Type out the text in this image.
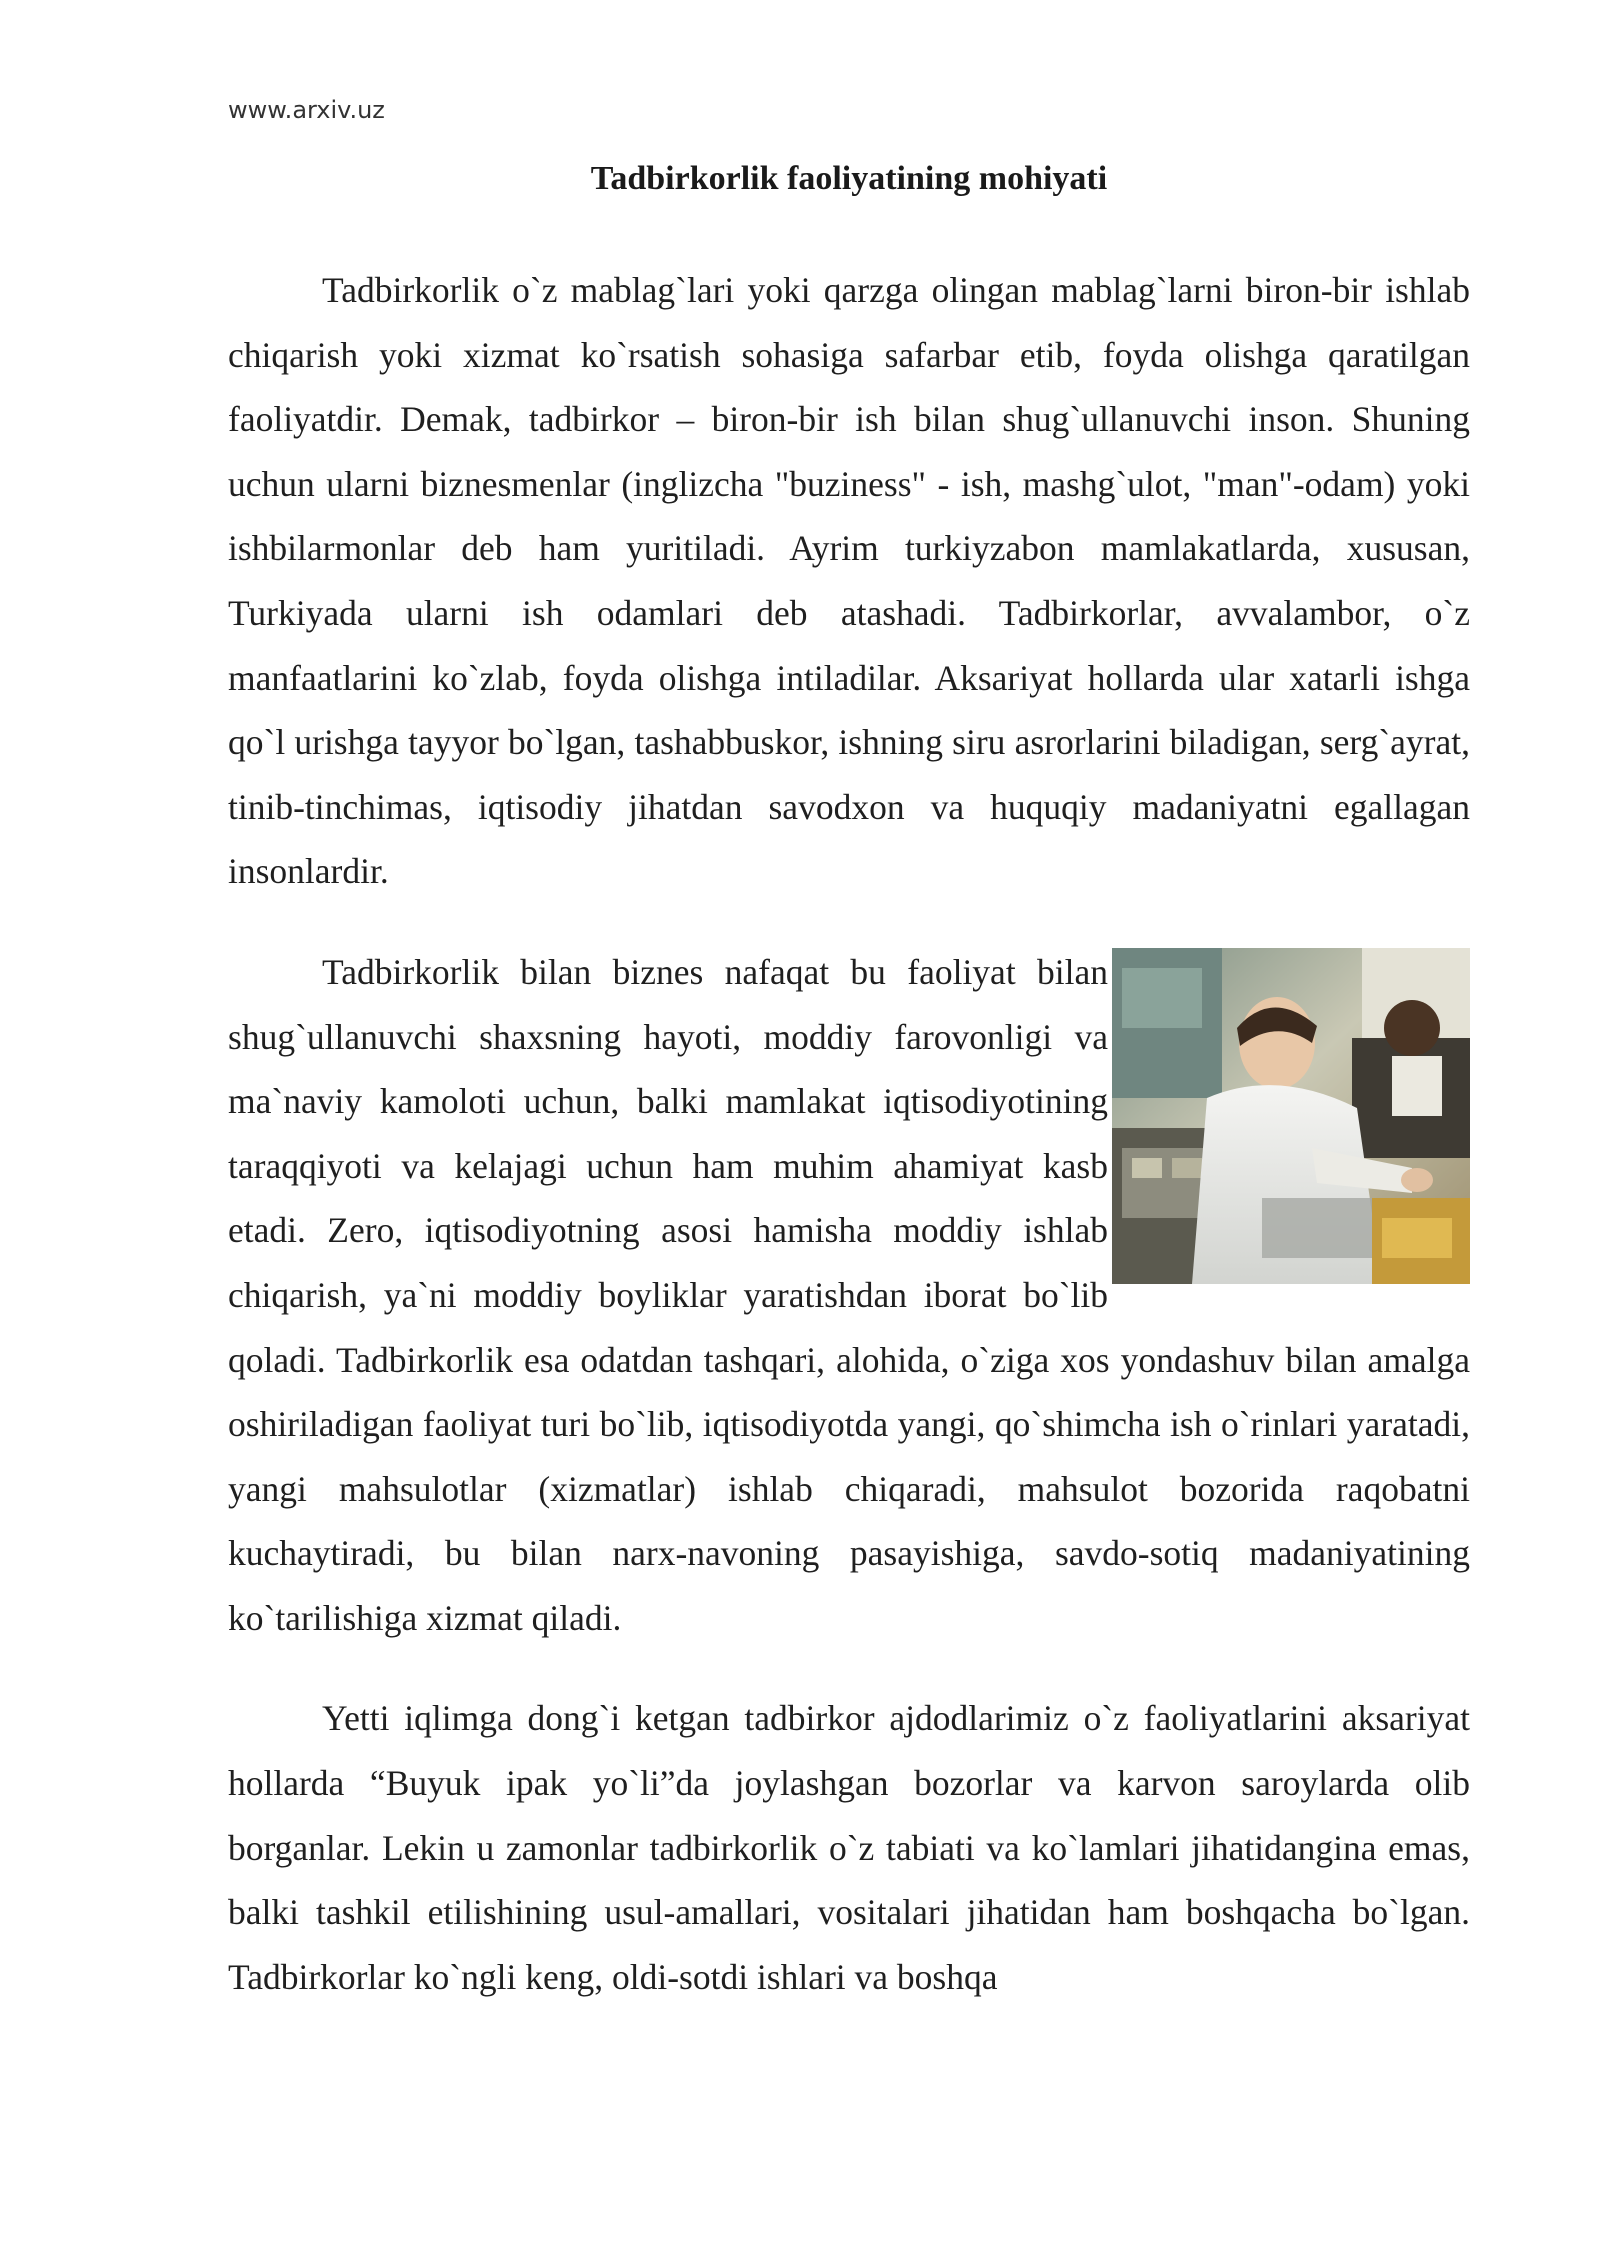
www.arxiv.uz

Tadbirkorlik faoliyatining mohiyati

Tadbirkorlik o`z mablag`lari yoki qarzga olingan mablag`larni biron-bir ishlab chiqarish yoki xizmat ko`rsatish sohasiga safarbar etib, foyda olishga qaratilgan faoliyatdir. Demak, tadbirkor – biron-bir ish bilan shug`ullanuvchi inson. Shuning uchun ularni biznesmenlar (inglizcha "buziness" - ish, mashg`ulot, "man"-odam) yoki ishbilarmonlar deb ham yuritiladi. Ayrim turkiyzabon mamlakatlarda, xususan, Turkiyada ularni ish odamlari deb atashadi. Tadbirkorlar, avvalambor, o`z manfaatlarini ko`zlab, foyda olishga intiladilar. Aksariyat hollarda ular xatarli ishga qo`l urishga tayyor bo`lgan, tashabbuskor, ishning siru asrorlarini biladigan, serg`ayrat, tinib-tinchimas, iqtisodiy jihatdan savodxon va huquqiy madaniyatni egallagan insonlardir.

Tadbirkorlik bilan biznes nafaqat bu faoliyat bilan shug`ullanuvchi shaxsning hayoti, moddiy farovonligi va ma`naviy kamoloti uchun, balki mamlakat iqtisodiyotining taraqqiyoti va kelajagi uchun ham muhim ahamiyat kasb etadi. Zero, iqtisodiyotning asosi hamisha moddiy ishlab chiqarish, ya`ni moddiy boyliklar yaratishdan iborat bo`lib qoladi. Tadbirkorlik esa odatdan tashqari, alohida, o`ziga xos yondashuv bilan amalga oshiriladigan faoliyat turi bo`lib, iqtisodiyotda yangi, qo`shimcha ish o`rinlari yaratadi, yangi mahsulotlar (xizmatlar) ishlab chiqaradi, mahsulot bozorida raqobatni kuchaytiradi, bu bilan narx-navoning pasayishiga, savdo-sotiq madaniyatining ko`tarilishiga xizmat qiladi.

Yetti iqlimga dong`i ketgan tadbirkor ajdodlarimiz o`z faoliyatlarini aksariyat hollarda “Buyuk ipak yo`li”da joylashgan bozorlar va karvon saroylarda olib borganlar. Lekin u zamonlar tadbirkorlik o`z tabiati va ko`lamlari jihatidangina emas, balki tashkil etilishining usul-amallari, vositalari jihatidan ham boshqacha bo`lgan. Tadbirkorlar ko`ngli keng, oldi-sotdi ishlari va boshqa
